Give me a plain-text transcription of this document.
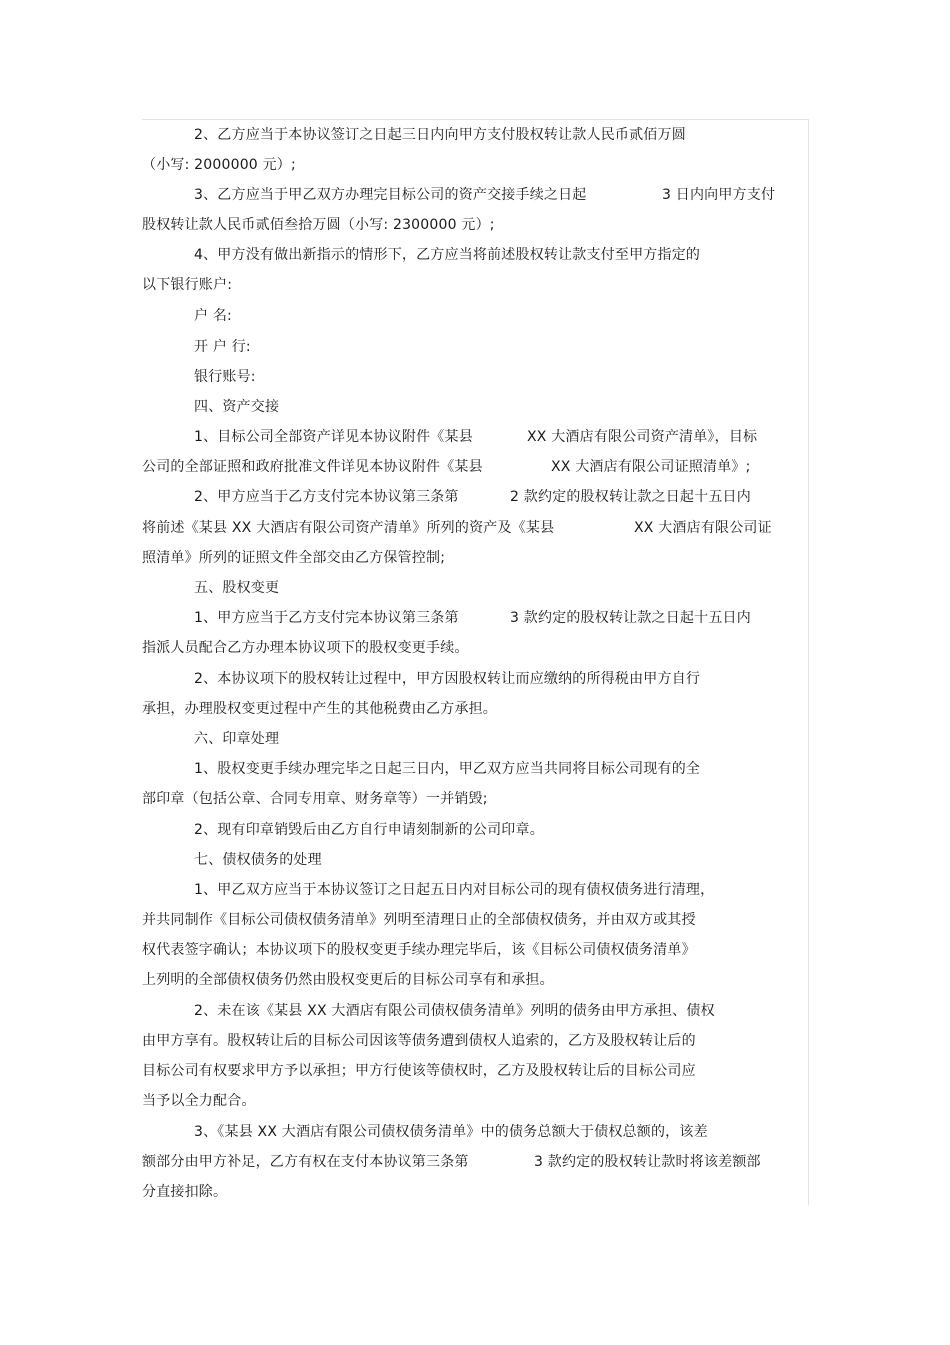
2、乙方应当于本协议签订之日起三日内向甲方支付股权转让款人民币贰佰万圆
（小写: 2000000 元）;
3、乙方应当于甲乙双方办理完目标公司的资产交接手续之日起	3 日内向甲方支付
股权转让款人民币贰佰叁拾万圆（小写: 2300000 元）;
4、甲方没有做出新指示的情形下，乙方应当将前述股权转让款支付至甲方指定的
以下银行账户:
户 名:
开 户 行:
银行账号:
四、资产交接
1、目标公司全部资产详见本协议附件《某县	XX 大酒店有限公司资产清单》，目标
公司的全部证照和政府批准文件详见本协议附件《某县	XX 大酒店有限公司证照清单》;
2、甲方应当于乙方支付完本协议第三条第	2 款约定的股权转让款之日起十五日内
将前述《某县 XX 大酒店有限公司资产清单》所列的资产及《某县	XX 大酒店有限公司证
照清单》所列的证照文件全部交由乙方保管控制;
五、股权变更
1、甲方应当于乙方支付完本协议第三条第	3 款约定的股权转让款之日起十五日内
指派人员配合乙方办理本协议项下的股权变更手续。
2、本协议项下的股权转让过程中，甲方因股权转让而应缴纳的所得税由甲方自行
承担，办理股权变更过程中产生的其他税费由乙方承担。
六、印章处理
1、股权变更手续办理完毕之日起三日内，甲乙双方应当共同将目标公司现有的全
部印章（包括公章、合同专用章、财务章等）一并销毁;
2、现有印章销毁后由乙方自行申请刻制新的公司印章。
七、债权债务的处理
1、甲乙双方应当于本协议签订之日起五日内对目标公司的现有债权债务进行清理，
并共同制作《目标公司债权债务清单》列明至清理日止的全部债权债务，并由双方或其授
权代表签字确认；本协议项下的股权变更手续办理完毕后，该《目标公司债权债务清单》
上列明的全部债权债务仍然由股权变更后的目标公司享有和承担。
2、未在该《某县 XX 大酒店有限公司债权债务清单》列明的债务由甲方承担、债权
由甲方享有。股权转让后的目标公司因该等债务遭到债权人追索的，乙方及股权转让后的
目标公司有权要求甲方予以承担；甲方行使该等债权时，乙方及股权转让后的目标公司应
当予以全力配合。
3、《某县 XX 大酒店有限公司债权债务清单》中的债务总额大于债权总额的，该差
额部分由甲方补足，乙方有权在支付本协议第三条第	3 款约定的股权转让款时将该差额部
分直接扣除。
